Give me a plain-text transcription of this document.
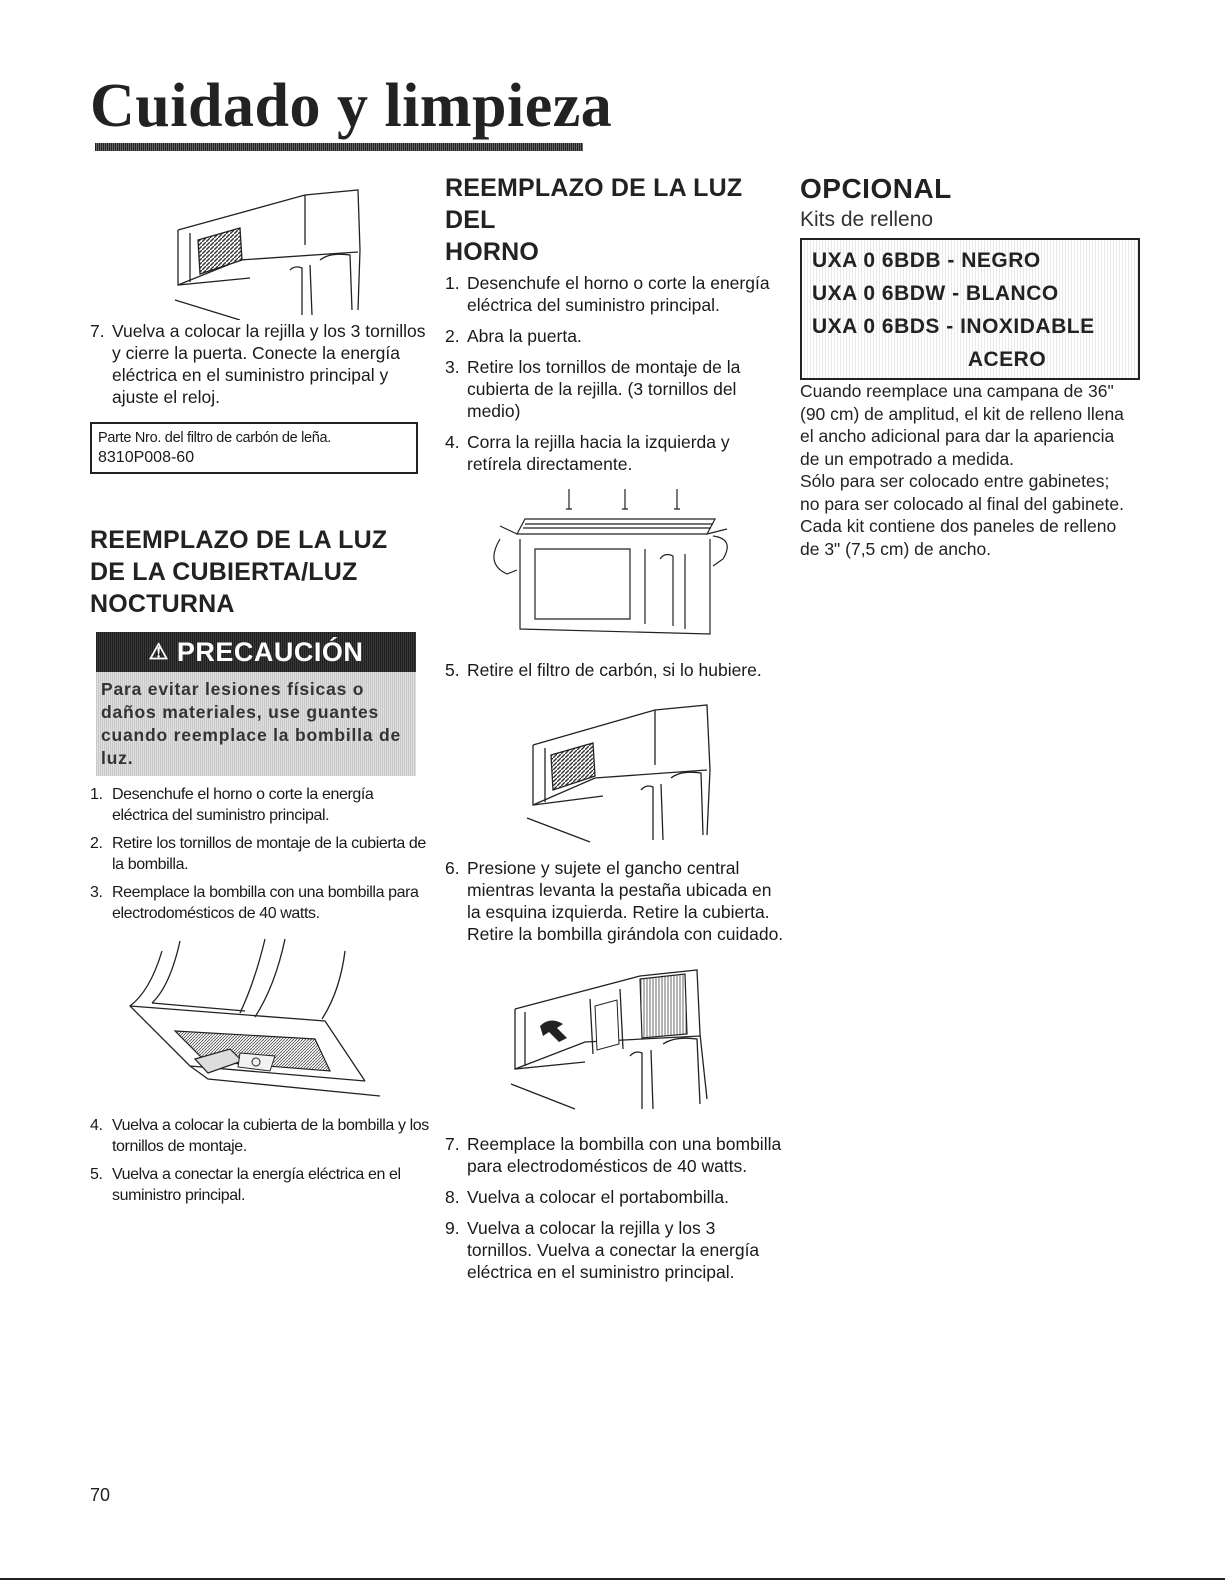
Cuidado y limpieza
7. Vuelva a colocar la rejilla y los 3 tornillos y cierre la puerta. Conecte la energía eléctrica en el suministro principal y ajuste el reloj.
Parte Nro. del filtro de carbón de leña.
8310P008-60
REEMPLAZO DE LA LUZ
DE LA CUBIERTA/LUZ
NOCTURNA
⚠ PRECAUCIÓN
Para evitar lesiones físicas o daños materiales, use guantes cuando reemplace la bombilla de luz.
1. Desenchufe el horno o corte la energía eléctrica del suministro principal.
2. Retire los tornillos de montaje de la cubierta de la bombilla.
3. Reemplace la bombilla con una bombilla para electrodomésticos de 40 watts.
4. Vuelva a colocar la cubierta de la bombilla y los tornillos de montaje.
5. Vuelva a conectar la energía eléctrica en el suministro principal.
REEMPLAZO DE LA LUZ DEL
HORNO
1. Desenchufe el horno o corte la energía eléctrica del suministro principal.
2. Abra la puerta.
3. Retire los tornillos de montaje de la cubierta de la rejilla. (3 tornillos del medio)
4. Corra la rejilla hacia la izquierda y retírela directamente.
5. Retire el filtro de carbón, si lo hubiere.
6. Presione y sujete el gancho central mientras levanta la pestaña ubicada en la esquina izquierda. Retire la cubierta. Retire la bombilla girándola con cuidado.
7. Reemplace la bombilla con una bombilla para electrodomésticos de 40 watts.
8. Vuelva a colocar el portabombilla.
9. Vuelva a colocar la rejilla y los 3 tornillos. Vuelva a conectar la energía eléctrica en el suministro principal.
OPCIONAL
Kits de relleno
UXA 0 6BDB - NEGRO
UXA 0 6BDW - BLANCO
UXA 0 6BDS - INOXIDABLE
ACERO

Cuando reemplace una campana de 36" (90 cm) de amplitud, el kit de relleno llena el ancho adicional para dar la apariencia de un empotrado a medida.

Sólo para ser colocado entre gabinetes; no para ser colocado al final del gabinete.

Cada kit contiene dos paneles de relleno de 3" (7,5 cm) de ancho.

70
